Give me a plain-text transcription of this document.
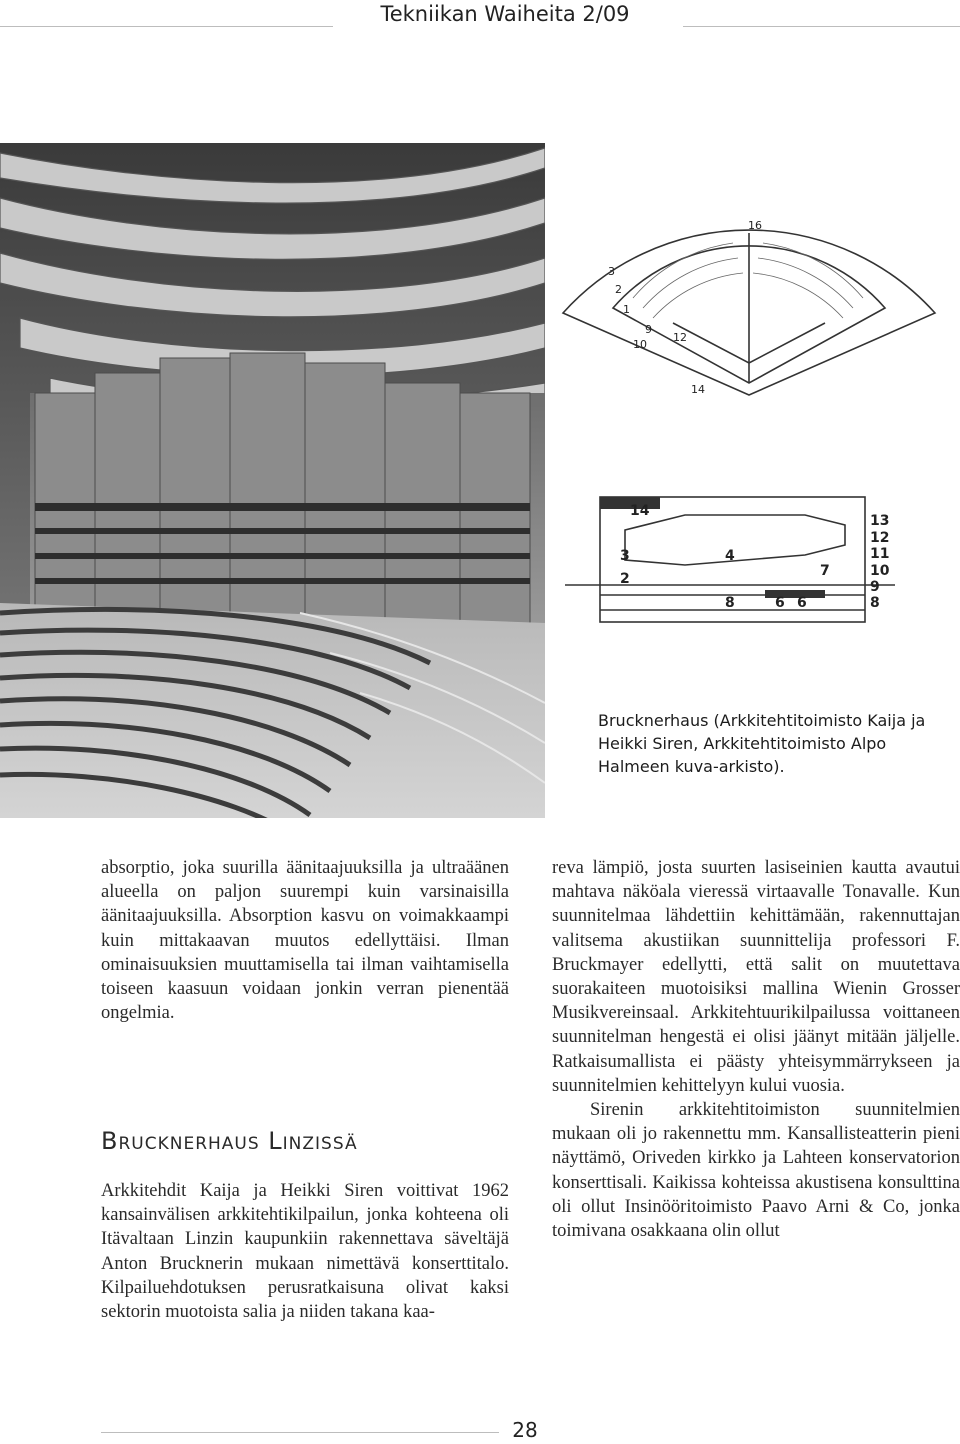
Tekniikan Waiheita 2/09
1
2
3
12
14
16
9
10
14
3	4
2
8	6 6
7
13
12
11
10
9
8
Brucknerhaus (Arkkitehtitoimisto Kaija ja Heikki Siren, Arkkitehtitoimisto Alpo Halmeen kuva-arkisto).

absorptio, joka suurilla äänitaajuuksilla ja ultraäänen alueella on paljon suurempi kuin varsinaisilla äänitaajuuksilla. Absorption kasvu on voimakkaampi kuin mittakaavan muutos edellyttäisi. Ilman ominaisuuksien muuttamisella tai ilman vaihtamisella toiseen kaasuun voidaan jonkin verran pienentää ongelmia.

Brucknerhaus Linzissä

Arkkitehdit Kaija ja Heikki Siren voittivat 1962 kansainvälisen arkkitehtikilpailun, jonka kohteena oli Itävaltaan Linzin kaupunkiin rakennettava säveltäjä Anton Brucknerin mukaan nimettävä konserttitalo. Kilpailuehdotuksen perusratkaisuna olivat kaksi sektorin muotoista salia ja niiden takana kaa-

reva lämpiö, josta suurten lasiseinien kautta avautui mahtava näköala vieressä virtaavalle Tonavalle. Kun suunnitelmaa lähdettiin kehittämään, rakennuttajan valitsema akustiikan suunnittelija professori F. Bruckmayer edellytti, että salit on muutettava suorakaiteen muotoisiksi mallina Wienin Grosser Musikvereinsaal. Arkkitehtuurikilpailussa voittaneen suunnitelman hengestä ei olisi jäänyt mitään jäljelle. Ratkaisumallista ei päästy yhteisymmärrykseen ja suunnitelmien kehittelyyn kului vuosia.

Sirenin arkkitehtitoimiston suunnitelmien mukaan oli jo rakennettu mm. Kansallisteatterin pieni näyttämö, Oriveden kirkko ja Lahteen konservatorion konserttisali. Kaikissa kohteissa akustisena konsulttina oli ollut Insinööritoimisto Paavo Arni & Co, jonka toimivana osakkaana olin ollut

28
